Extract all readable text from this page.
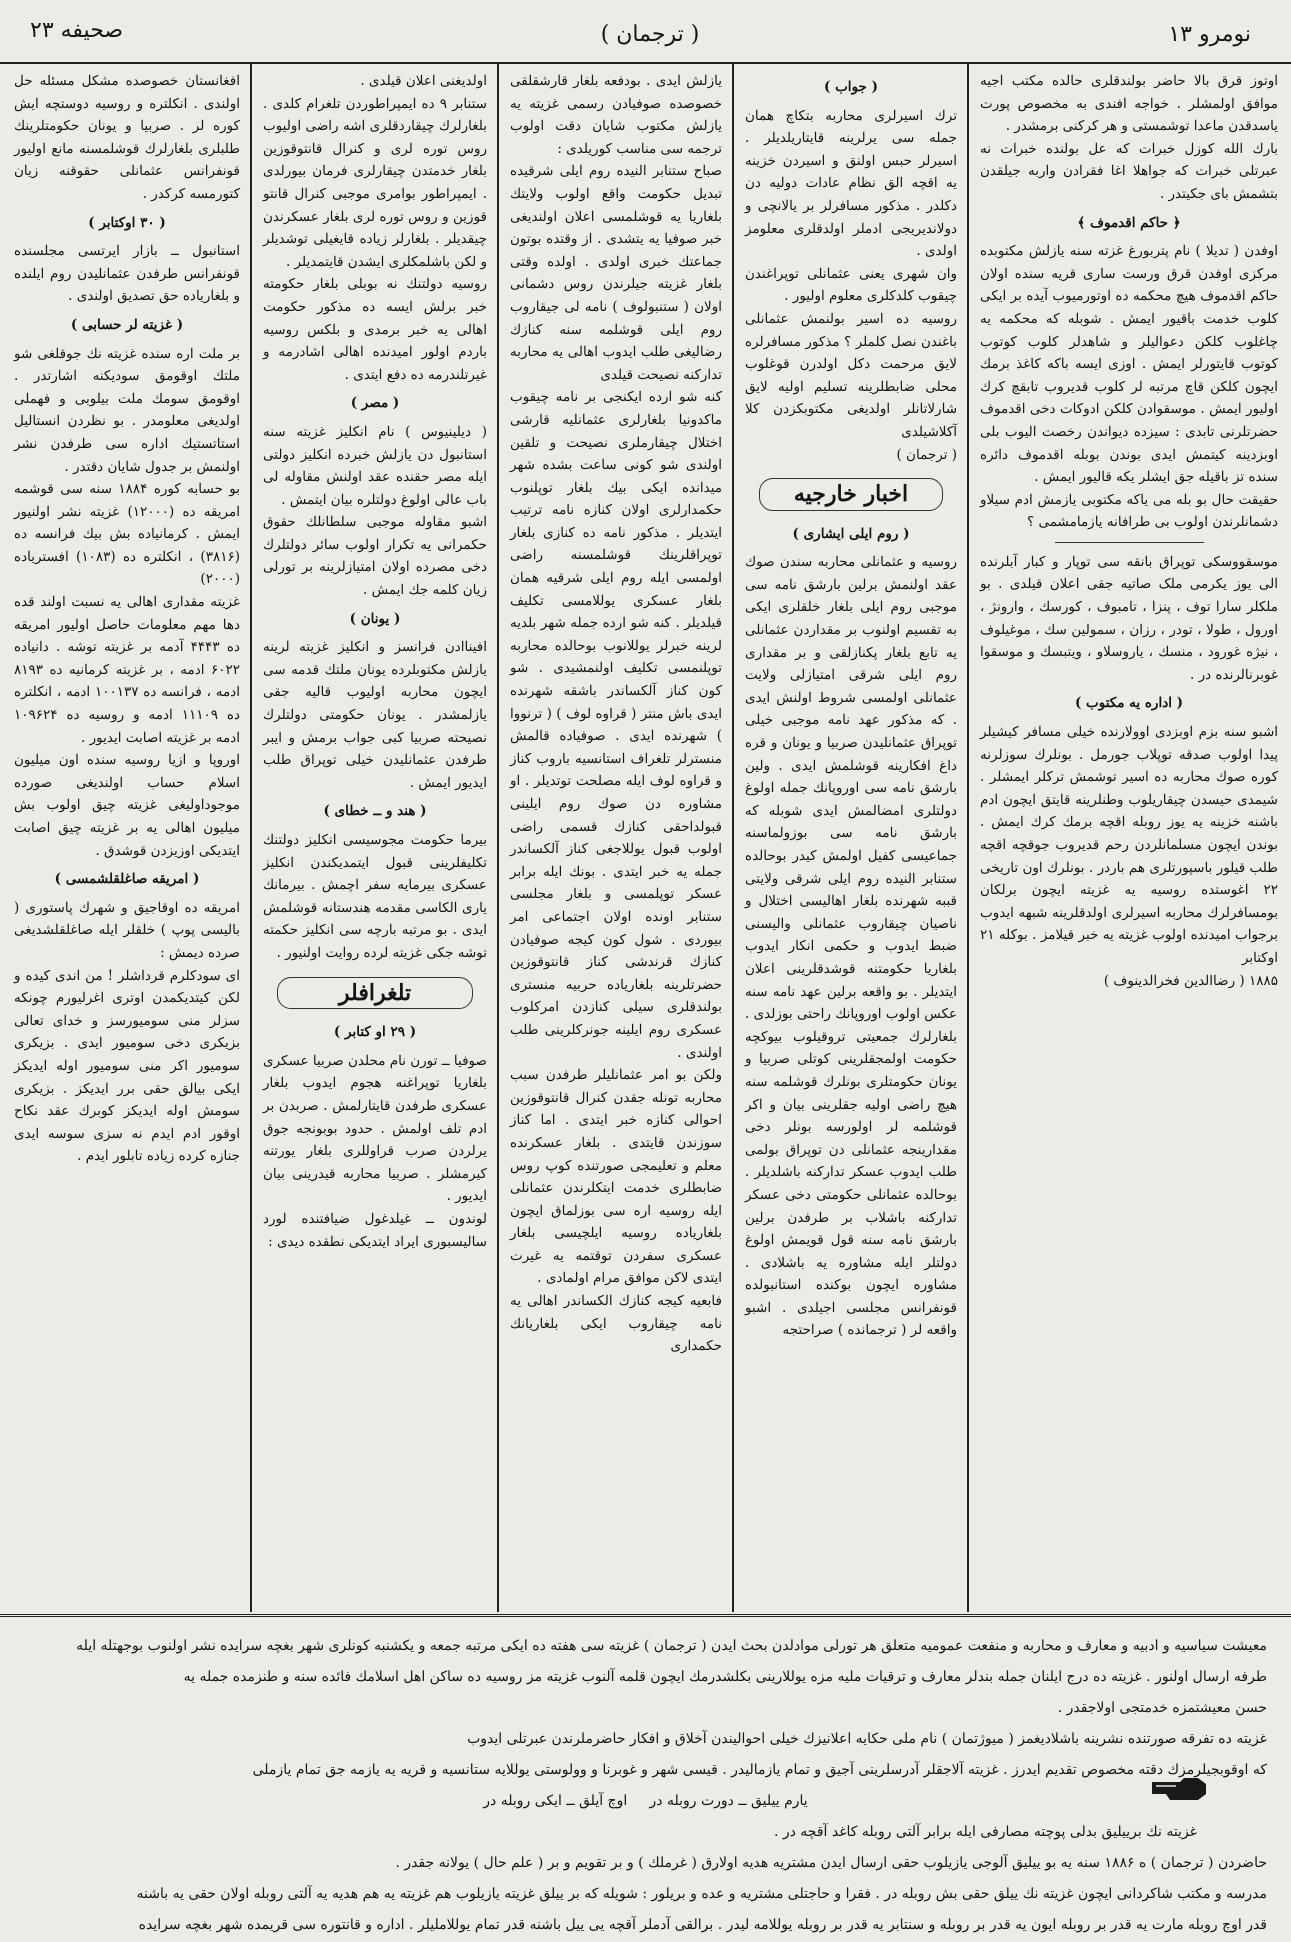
صحیفه ۲۳	( ترجمان )	نومرو ۱۳
اوتوز قرق بالا حاضر بولندقلری حالده مکتب اجیه موافق اولمشلر . خواجه افندی به مخصوص پورت یاسدقدن ماعدا توشمستی و هر کرکنی برمشدر .
بارك الله کوزل خبرات که عل بولنده خبرات نه عبرتلی خبرات که جواهلا اغا فقرادن واربه جیلقدن بتشمش بای جکیتدر .
﴿ حاکم اقدموف ﴾
اوفدن ( تدیلا ) نام پتربورغ غزته سنه یازلش مکتوبده مرکزی اوفدن قرق ورست ساری قریه سنده اولان حاکم اقدموف هیچ محکمه ده اوتورمیوب آیده بر ایکی کلوب خدمت باقیور ایمش . شوبله که محکمه یه چاغلوب کلکن دعوالیلر و شاهدلر کلوب کوتوب کوتوب قایتورلر ایمش . اوزی ایسه باکه کاغذ برمك ایچون کلکن قاچ مرتبه لر کلوب قدیروب تابقچ کرك اولیور ایمش . موسقوادن کلکن ادوکات دخی اقدموف حضرتلرنی تابدی : سیزده دیواندن رخصت الیوب بلی اوبزدینه کیتمش ایدی بوندن بوبله اقدموف دائره سنده تز باقیله جق ایشلر یکه قالیور ایمش .
حقیقت حال بو بله می یاکه مکتوبی یازمش ادم سیلاو دشمانلرندن اولوب بی طرافانه یازمامشمی ؟
موسقووسکی توپراق بانقه سی توپار و کبار آبلرنده الی یوز یکرمی ملک صاتیه جقی اعلان قیلدی . بو ملکلر سارا توف ، پنزا ، تامبوف ، کورسك ، وارونژ ، اورول ، طولا ، تودر ، رزان ، سمولین سك ، موغیلوف ، نیژه غورود ، منسك ، یاروسلاو ، ویتبسك و موسقوا غوبرنالرنده در .
( اداره یه مکتوب )
اشبو سنه بزم اوبزدی اوولارنده خیلی مسافر کیشیلر پیدا اولوب صدقه توپلاب جورمل . بونلرك سوزلرنه کوره صوك محاربه ده اسیر توشمش ترکلر ایمشلر . شیمدی حیسدن چیقاریلوب وطنلرینه قایتق ایچون ادم باشنه خزینه یه یوز روبله اقچه برمك کرك ایمش . بوندن ایچون مسلمانلردن رحم قدیروب جوقچه اقچه طلب قیلور باسپورتلری هم باردر . بونلرك اون تاریخی ۲۲ اغوستده روسیه یه غزیته ایچون برلکان بومسافرلرك محاربه اسیرلری اولدقلرینه شبهه ایدوب برجواب امیدنده اولوب غزیته یه خبر قیلامز . بوکله ۲۱ اوکتابر
۱۸۸۵ ( رضاالدین فخرالدینوف )
( جواب )
ترك اسیرلری محاربه بتکاچ همان جمله سی یرلرینه قایتاریلدیلر . اسیرلر حبس اولنق و اسیردن خزینه یه اقچه الق نظام عادات دولیه دن دکلدر . مذکور مسافرلر بر یالانچی و دولاندیریجی ادملر اولدقلری معلومز اولدی .
وان شهری یعنی عثمانلی توپراغندن چیقوب کلدکلری معلوم اولیور .
روسیه ده اسیر بولنمش عثمانلی باغندن نصل کلملر ؟ مذکور مسافرلره لایق مرحمت دکل اولدرن قوغلوب محلی ضابطلرینه تسلیم اولیه لایق شارلاتانلر اولدیغی مکتوبکزدن کلا آکلاشیلدی
( ترجمان )
اخبار خارجیه
( روم ایلی ایشاری )
روسیه و عثمانلی محاربه سندن صوك عقد اولنمش برلین بارشق نامه سی موجبی روم ایلی بلغار خلقلری ایکی به تقسیم اولنوب بر مقداردن عثمانلی یه تابع بلغار پکنازلقی و بر مقداری روم ایلی شرقی امتیازلی ولایت عثمانلی اولمسی شروط اولنش ایدی . که مذکور عهد نامه موجبی خیلی توپراق عثمانلیدن صربیا و یونان و قره داغ افکارینه قوشلمش ایدی . ولین بارشق نامه سی اوروپانك جمله اولوغ دولتلری امضالمش ایدی شوبله که بارشق نامه سی بوزولماسنه جماعیسی کفیل اولمش کیدر بوحالده ستنابر النیده روم ایلی شرقی ولایتی قببه شهرنده بلغار اهالیسی اختلال و ناصیان چیقاروب عثمانلی والیسنی ضبط ایدوب و حکمی انکار ایدوب بلغاریا حکومتنه قوشدقلرینی اعلان ایتدیلر . بو واقعه برلین عهد نامه سنه عکس اولوب اوروپانك راحتی بوزلدی . بلغارلرك جمعیتی تروقیلوب بیوکچه حکومت اولمجقلرینی کوتلی صربیا و یونان حکومتلری بونلرك قوشلمه سنه هیچ راضی اولیه جقلرینی بیان و اکر قوشلمه لر اولورسه بونلر دخی مقدارینجه عثمانلی دن توپراق بولمی طلب ایدوب عسکر تدارکنه باشلدیلر . بوحالده عثمانلی حکومتی دخی عسکر تدارکنه باشلاب بر طرفدن برلین بارشق نامه سنه قول قویمش اولوغ دولتلر ایله مشاوره یه باشلادی . مشاوره ایچون بوکنده استانبولده قونفرانس مجلسی اجیلدی . اشبو واقعه لر ( ترجمانده ) صراحتجه
یازلش ایدی . بودفعه بلغار قارشقلقی خصوصده صوفیادن رسمی غزیته یه یازلش مکتوب شایان دقت اولوب ترجمه سی مناسب کوریلدی :
صباح ستنابر النیده روم ایلی شرقیده تبدیل حکومت واقع اولوب ولایتك بلغاریا یه قوشلمسی اعلان اولندیغی خبر صوفیا یه یتشدی . از وقتده بوتون جماعتك خبری اولدی . اولده وقتی بلغار غزیته جیلرندن روس دشمانی اولان ( ستنبولوف ) نامه لی جیقاروب روم ایلی قوشلمه سنه کنازك رضالیغی طلب ایدوب اهالی یه محاربه تدارکنه نصیحت قیلدی
کنه شو ارده ایکنجی بر نامه چیقوب ماکدونیا بلغارلری عثمانلیه قارشی اختلال چیقارملری نصیحت و تلقین اولندی شو کونی ساعت بشده شهر میدانده ایکی بیك بلغار توپلنوب حکمدارلری اولان کنازه نامه ترتیب ایتدیلر . مذکور نامه ده کنازی بلغار توپراقلرینك قوشلمسنه راضی اولمسی ایله روم ایلی شرقیه همان بلغار عسکری یوللامسی تکلیف قیلدیلر . کنه شو ارده جمله شهر بلدیه لرینه خبرلر یوللانوب بوحالده محاربه توپلنمسی تکلیف اولنمشیدی . شو کون کناز آلکساندر باشقه شهرنده ایدی باش منتر ( قراوه لوف ) ( ترنووا ) شهرنده ایدی . صوفیاده قالمش منسترلر تلغراف استانسیه باروب کناز و قراوه لوف ایله مصلحت توتدیلر . او مشاوره دن صوك روم ایلینی قبولداحقی کنازك قسمی راضی اولوب قبول یوللاجغی کناز آلکساندر جمله یه خبر ایتدی . بونك ایله برابر عسکر توپلمسی و بلغار مجلسی ستنابر اونده اولان اجتماعی امر بیوردی . شول کون کیجه صوفیادن کنازك قرندشی کناز قانتوقوزین حضرتلرینه بلغاریاده حربیه منستری بولندقلری سیلی کنازدن امرکلوب عسکری روم ایلینه جونرکلرینی طلب اولندی .
ولکن بو امر عثمانلیلر طرفدن سبب محاربه تونله جقدن کنرال قانتوقوزین احوالی کنازه خبر ایتدی . اما کناز سوزندن قایتدی . بلغار عسکرنده معلم و تعلیمجی صورتنده کوپ روس ضابطلری خدمت ایتکلرندن عثمانلی ایله روسیه اره سی بوزلماق ایچون بلغاریاده روسیه ایلچیسی بلغار عسکری سفردن توقتمه یه غیرت ایتدی لاکن موافق مرام اولمادی .
فابعیه کیجه کنازك الکساندر اهالی یه نامه چیقاروب ایکی بلغاریانك حکمداری
اولدیغنی اعلان قیلدی .
ستنابر ۹ ده ایمپراطوردن تلغرام کلدی . بلغارلرك چیقاردقلری اشه راضی اولیوب روس توره لری و کنرال قانتوقوزین بلغار خدمتدن چیقارلری فرمان بیورلدی . ایمپراطور بوامری موجبی کنرال قانتو قوزین و روس توره لری بلغار عسکرندن چیقدیلر . بلغارلر زیاده قایغیلی توشدیلر و لکن باشلمکلری ایشدن قایتمدیلر .
روسیه دولتنك نه بوبلی بلغار حکومته خبر برلش ایسه ده مذکور حکومت اهالی یه خبر برمدی و بلکس روسیه باردم اولور امیدنده اهالی اشادرمه و غیرتلندرمه ده دفع ایتدی .
( مصر )
( دیلینیوس ) نام انکلیز غزیته سنه استانبول دن یازلش خبرده انکلیز دولتی ایله مصر حقنده عقد اولنش مقاوله لی باب عالی اولوغ دولتلره بیان ایتمش .
اشبو مقاوله موجبی سلطانلك حقوق حکمرانی یه تکرار اولوب سائر دولتلرك دخی مصرده اولان امتیازلرینه بر تورلی زیان کلمه جك ایمش .
( یونان )
افیناادن فرانسز و انکلیز غزیته لرینه یازلش مکتوبلرده یونان ملتك قدمه سی ایچون محاربه اولیوب قالیه جقی یازلمشدر . یونان حکومتی دولتلرك نصیحته صربیا کبی جواب برمش و ایبر طرفدن عثمانلیدن خیلی توپراق طلب ایدیور ایمش .
( هند و ــ خطای )
بیرما حکومت مجوسیسی انکلیز دولتنك تکلیفلرینی قبول ایتمدیکندن انکلیز عسکری بیرمایه سفر اچمش . بیرمانك یاری الکاسی مقدمه هندستانه قوشلمش ایدی . بو مرتبه بارچه سی انکلیز حکمته توشه جکی غزیته لرده روایت اولنیور .
تلغرافلر
( ۲۹ او کتابر )
صوفیا ــ تورن نام محلدن صربیا عسکری بلغاریا توپراغنه هجوم ایدوب بلغار عسکری طرفدن قایتارلمش . صربدن بر ادم تلف اولمش . حدود بوبونجه جوق یرلردن صرب قراوللری بلغار یورتنه کیرمشلر . صربیا محاربه قیدرینی بیان ایدیور .
لوندون ــ غیلدغول ضیافتنده لورد سالیسبوری ایراد ایتدیکی نطقده دیدی :
افغانستان خصوصده مشکل مسئله حل اولندی . انکلتره و روسیه دوستچه ایش کوره لر . صربیا و یونان حکومتلرینك طلبلری بلغارلرك قوشلمسنه مانع اولیور قونفرانس عثمانلی حقوقنه زیان کتورمسه کرکدر .
( ۳۰ اوکتابر )
استانبول ــ بازار ایرتسی مجلسنده قونفرانس طرفدن عثمانلیدن روم ایلنده و بلغاریاده حق تصدیق اولندی .
( غزیته لر حسابی )
بر ملت اره سنده غزیته نك جوقلغی شو ملتك اوقومق سودیکنه اشارتدر . اوقومق سومك ملت بیلوبی و فهملی اولدیغی معلومدر . بو نظردن انستالیل استاتستیك اداره سی طرفدن نشر اولنمش بر جدول شایان دقتدر .
بو حسابه کوره ۱۸۸۴ سنه سی قوشمه امریقه ده (۱۲۰۰۰) غزیته نشر اولنیور ایمش . کرمانیاده بش بیك فرانسه ده (۳۸۱۶) ، انکلتره ده (۱۰۸۳) افستریاده (۲۰۰۰)
غزیته مقداری اهالی یه نسبت اولند قده دها مهم معلومات حاصل اولیور امریقه ده ۴۴۴۳ آدمه بر غزیته توشه . دانیاده ۶۰۲۲ ادمه ، بر غزیته کرمانیه ده ۸۱۹۳ ادمه ، فرانسه ده ۱۰۰۱۳۷ ادمه ، انکلتره ده ۱۱۱۰۹ ادمه و روسیه ده ۱۰۹۶۲۴ ادمه بر غزیته اصابت ایدیور .
اوروپا و ازیا روسیه سنده اون میلیون اسلام حساب اولندیغی صورده موجوداولیغی غزیته چیق اولوب بش میلیون اهالی یه بر غزیته چیق اصابت ایتدیکی اوزیزدن قوشدق .
( امریقه صاغلقلشمسی )
امریقه ده اوقاجیق و شهرك پاستوری ( بالیسی پوپ ) خلقلر ایله صاغلقلشدیغی صرده دیمش :
ای سودکلرم قرداشلر ! من اندی کیده و لکن کیتدیکمدن اوتری اغرلیورم چونکه سزلر منی سومیورسز و خدای تعالی بزیکری دخی سومیور ایدی . بزیکری سومیور اکر منی سومیور اوله ایدیکز ایکی بیالق حقی برر ایدیکز . بزیکری سومش اوله ایدیکز کوبرك عقد نکاح اوقور ادم ایدم نه سزی سوسه ایدی جنازه کرده زیاده تابلور ایدم .
معیشت سیاسیه و ادبیه و معارف و محاربه و منفعت عمومیه متعلق هر تورلی موادلدن بحث ایدن ( ترجمان ) غزیته سی هفته ده ایکی مرتبه جمعه و یکشنبه کونلری شهر بغچه سرایده نشر اولنوب بوجهتله ایله
طرفه ارسال اولنور . غزیته ده درج ایلنان جمله بندلر معارف و ترقیات ملیه مزه یوللارینی بکلشدرمك ایچون قلمه آلنوب غزیته مز روسیه ده ساکن اهل اسلامك فائده سنه و طنزمده جمله یه
حسن معیشتمزه خدمتجی اولاجقدر .
غزیته ده تفرقه صورتنده نشرینه باشلادیغمز ( میوژتمان ) نام ملی حکایه اعلانیزك خیلی احوالیندن آخلاق و افکار حاضرملرندن عبرتلی ایدوب
که اوقوبجیلرمزك دقته مخصوص تقدیم ایدرز . غزیته آلاجقلر آدرسلرینی آجیق و تمام یازمالیدر . قیسی شهر و غوبرنا و وولوستی یوللایه ستانسیه و قریه یه یازمه جق تمام یازملی
یارم ییلیق ــ دورت روبله در     اوچ آیلق ــ ایکی روبله در
غزیته نك برییلیق بدلی پوچته مصارفی ایله برابر آلتی روبله کاغد آقچه در .
حاضردن ( ترجمان ) ه ۱۸۸۶ سنه یه بو ییلیق آلوجی یازیلوب حقی ارسال ایدن مشتریه هدیه اولارق ( غرملك ) و بر تقویم و بر ( علم حال ) یولانه جقدر .
مدرسه و مکتب شاکردانی ایچون غزیته نك ییلق حقی بش روبله در . فقرا و حاجتلی مشتریه و عده و بریلور : شویله که بر ییلق غزیته یازیلوب هم غزیته یه هم هدیه یه آلتی روبله اولان حقی یه باشنه
قدر اوچ روبله مارت یه قدر بر روبله ایون یه قدر بر روبله و سنتابر یه قدر بر روبله یوللامه لیدر . برالقی آدملر آقچه یی ییل باشنه قدر تمام یوللاملیلر . اداره و قانتوره سی قریمده شهر بغچه سرایده
